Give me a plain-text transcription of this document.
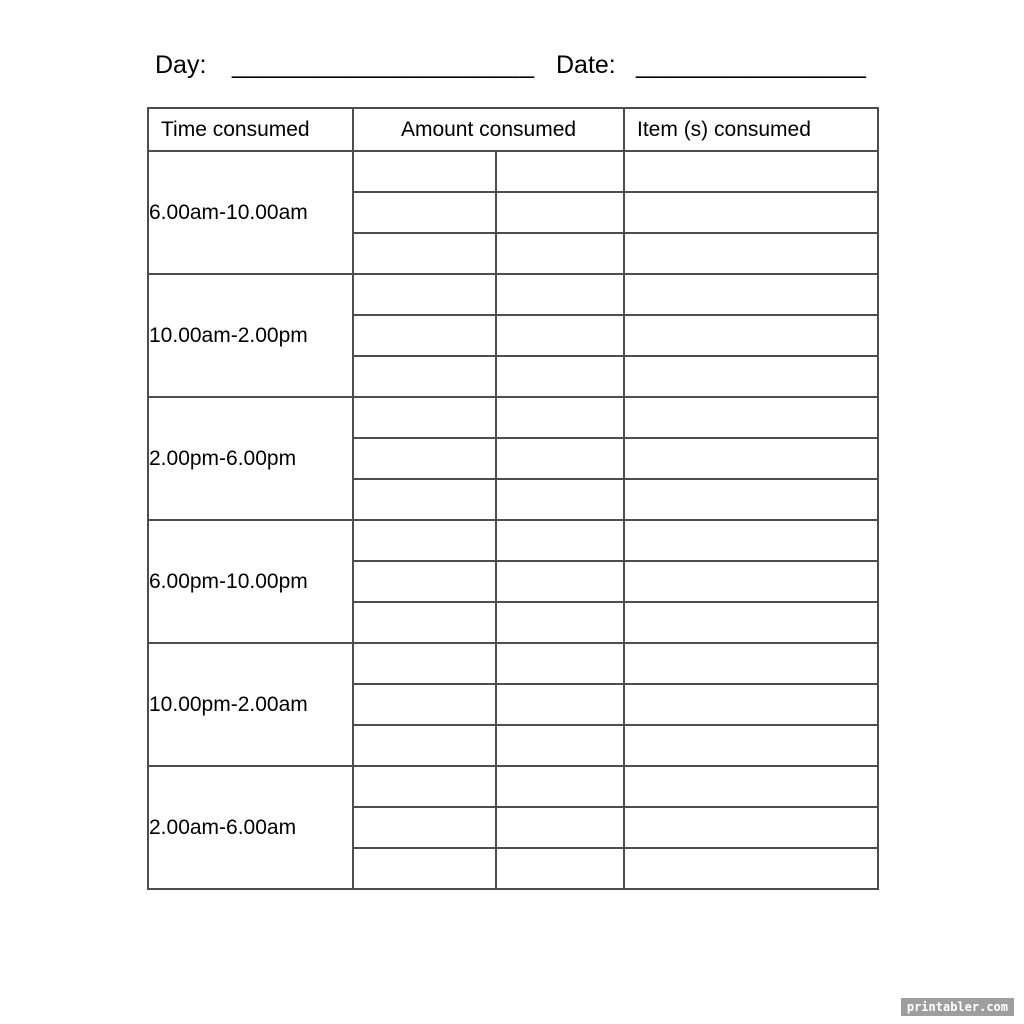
Day: _____________________ Date: ________________
Time consumed	Amount consumed		Item (s) consumed
6.00am-10.00am			

10.00am-2.00pm			

2.00pm-6.00pm			

6.00pm-10.00pm			

10.00pm-2.00am			

2.00am-6.00am			

printabler.com
